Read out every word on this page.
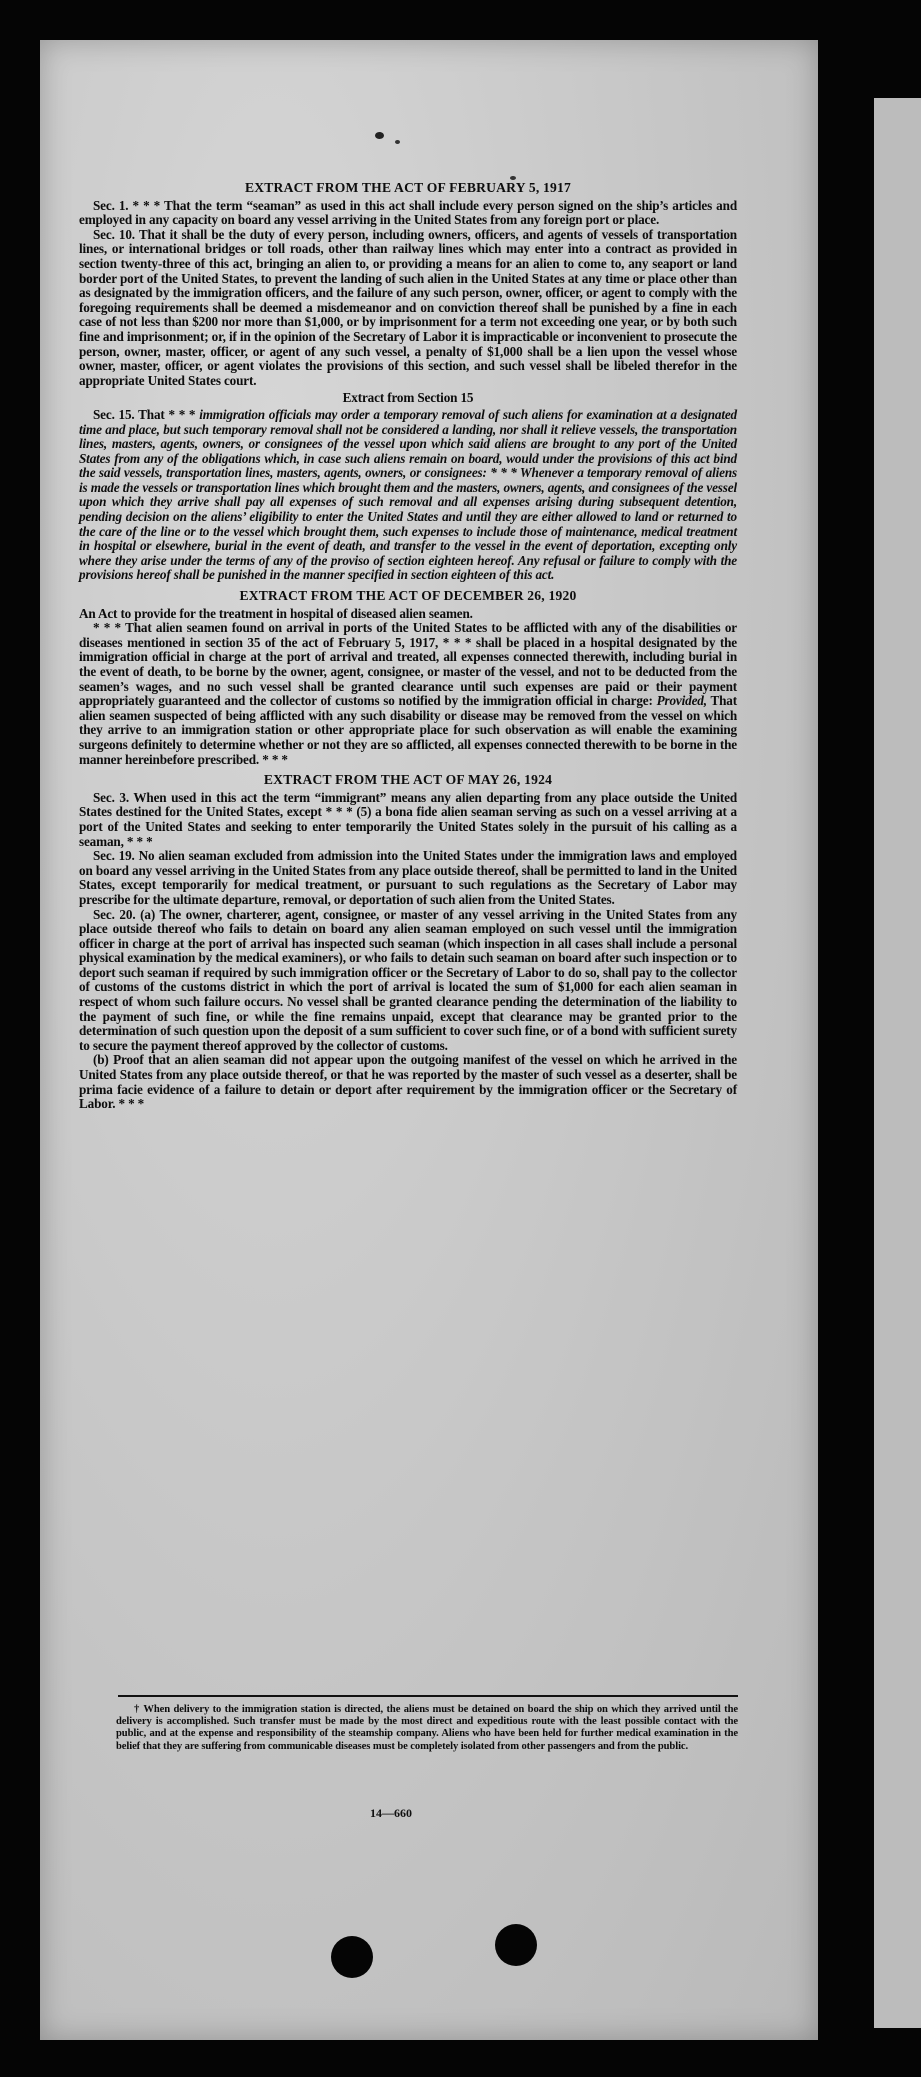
EXTRACT FROM THE ACT OF FEBRUARY 5, 1917

Sec. 1. * * * That the term “seaman” as used in this act shall include every person signed on the ship’s articles and employed in any capacity on board any vessel arriving in the United States from any foreign port or place.

Sec. 10. That it shall be the duty of every person, including owners, officers, and agents of vessels of transportation lines, or international bridges or toll roads, other than railway lines which may enter into a contract as provided in section twenty-three of this act, bringing an alien to, or providing a means for an alien to come to, any seaport or land border port of the United States, to prevent the landing of such alien in the United States at any time or place other than as designated by the immigration officers, and the failure of any such person, owner, officer, or agent to comply with the foregoing requirements shall be deemed a misdemeanor and on conviction thereof shall be punished by a fine in each case of not less than $200 nor more than $1,000, or by imprisonment for a term not exceeding one year, or by both such fine and imprisonment; or, if in the opinion of the Secretary of Labor it is impracticable or inconvenient to prosecute the person, owner, master, officer, or agent of any such vessel, a penalty of $1,000 shall be a lien upon the vessel whose owner, master, officer, or agent violates the provisions of this section, and such vessel shall be libeled therefor in the appropriate United States court.

Extract from Section 15

Sec. 15. That * * * immigration officials may order a temporary removal of such aliens for examination at a designated time and place, but such temporary removal shall not be considered a landing, nor shall it relieve vessels, the transportation lines, masters, agents, owners, or consignees of the vessel upon which said aliens are brought to any port of the United States from any of the obligations which, in case such aliens remain on board, would under the provisions of this act bind the said vessels, transportation lines, masters, agents, owners, or consignees: * * * Whenever a temporary removal of aliens is made the vessels or transportation lines which brought them and the masters, owners, agents, and consignees of the vessel upon which they arrive shall pay all expenses of such removal and all expenses arising during subsequent detention, pending decision on the aliens’ eligibility to enter the United States and until they are either allowed to land or returned to the care of the line or to the vessel which brought them, such expenses to include those of maintenance, medical treatment in hospital or elsewhere, burial in the event of death, and transfer to the vessel in the event of deportation, excepting only where they arise under the terms of any of the proviso of section eighteen hereof. Any refusal or failure to comply with the provisions hereof shall be punished in the manner specified in section eighteen of this act.

EXTRACT FROM THE ACT OF DECEMBER 26, 1920

An Act to provide for the treatment in hospital of diseased alien seamen.

* * * That alien seamen found on arrival in ports of the United States to be afflicted with any of the disabilities or diseases mentioned in section 35 of the act of February 5, 1917, * * * shall be placed in a hospital designated by the immigration official in charge at the port of arrival and treated, all expenses connected therewith, including burial in the event of death, to be borne by the owner, agent, consignee, or master of the vessel, and not to be deducted from the seamen’s wages, and no such vessel shall be granted clearance until such expenses are paid or their payment appropriately guaranteed and the collector of customs so notified by the immigration official in charge: Provided, That alien seamen suspected of being afflicted with any such disability or disease may be removed from the vessel on which they arrive to an immigration station or other appropriate place for such observation as will enable the examining surgeons definitely to determine whether or not they are so afflicted, all expenses connected therewith to be borne in the manner hereinbefore prescribed. * * *

EXTRACT FROM THE ACT OF MAY 26, 1924

Sec. 3. When used in this act the term “immigrant” means any alien departing from any place outside the United States destined for the United States, except * * * (5) a bona fide alien seaman serving as such on a vessel arriving at a port of the United States and seeking to enter temporarily the United States solely in the pursuit of his calling as a seaman, * * *

Sec. 19. No alien seaman excluded from admission into the United States under the immigration laws and employed on board any vessel arriving in the United States from any place outside thereof, shall be permitted to land in the United States, except temporarily for medical treatment, or pursuant to such regulations as the Secretary of Labor may prescribe for the ultimate departure, removal, or deportation of such alien from the United States.

Sec. 20. (a) The owner, charterer, agent, consignee, or master of any vessel arriving in the United States from any place outside thereof who fails to detain on board any alien seaman employed on such vessel until the immigration officer in charge at the port of arrival has inspected such seaman (which inspection in all cases shall include a personal physical examination by the medical examiners), or who fails to detain such seaman on board after such inspection or to deport such seaman if required by such immigration officer or the Secretary of Labor to do so, shall pay to the collector of customs of the customs district in which the port of arrival is located the sum of $1,000 for each alien seaman in respect of whom such failure occurs. No vessel shall be granted clearance pending the determination of the liability to the payment of such fine, or while the fine remains unpaid, except that clearance may be granted prior to the determination of such question upon the deposit of a sum sufficient to cover such fine, or of a bond with sufficient surety to secure the payment thereof approved by the collector of customs.

(b) Proof that an alien seaman did not appear upon the outgoing manifest of the vessel on which he arrived in the United States from any place outside thereof, or that he was reported by the master of such vessel as a deserter, shall be prima facie evidence of a failure to detain or deport after requirement by the immigration officer or the Secretary of Labor. * * *

† When delivery to the immigration station is directed, the aliens must be detained on board the ship on which they arrived until the delivery is accomplished. Such transfer must be made by the most direct and expeditious route with the least possible contact with the public, and at the expense and responsibility of the steamship company. Aliens who have been held for further medical examination in the belief that they are suffering from communicable diseases must be completely isolated from other passengers and from the public.

14—660
